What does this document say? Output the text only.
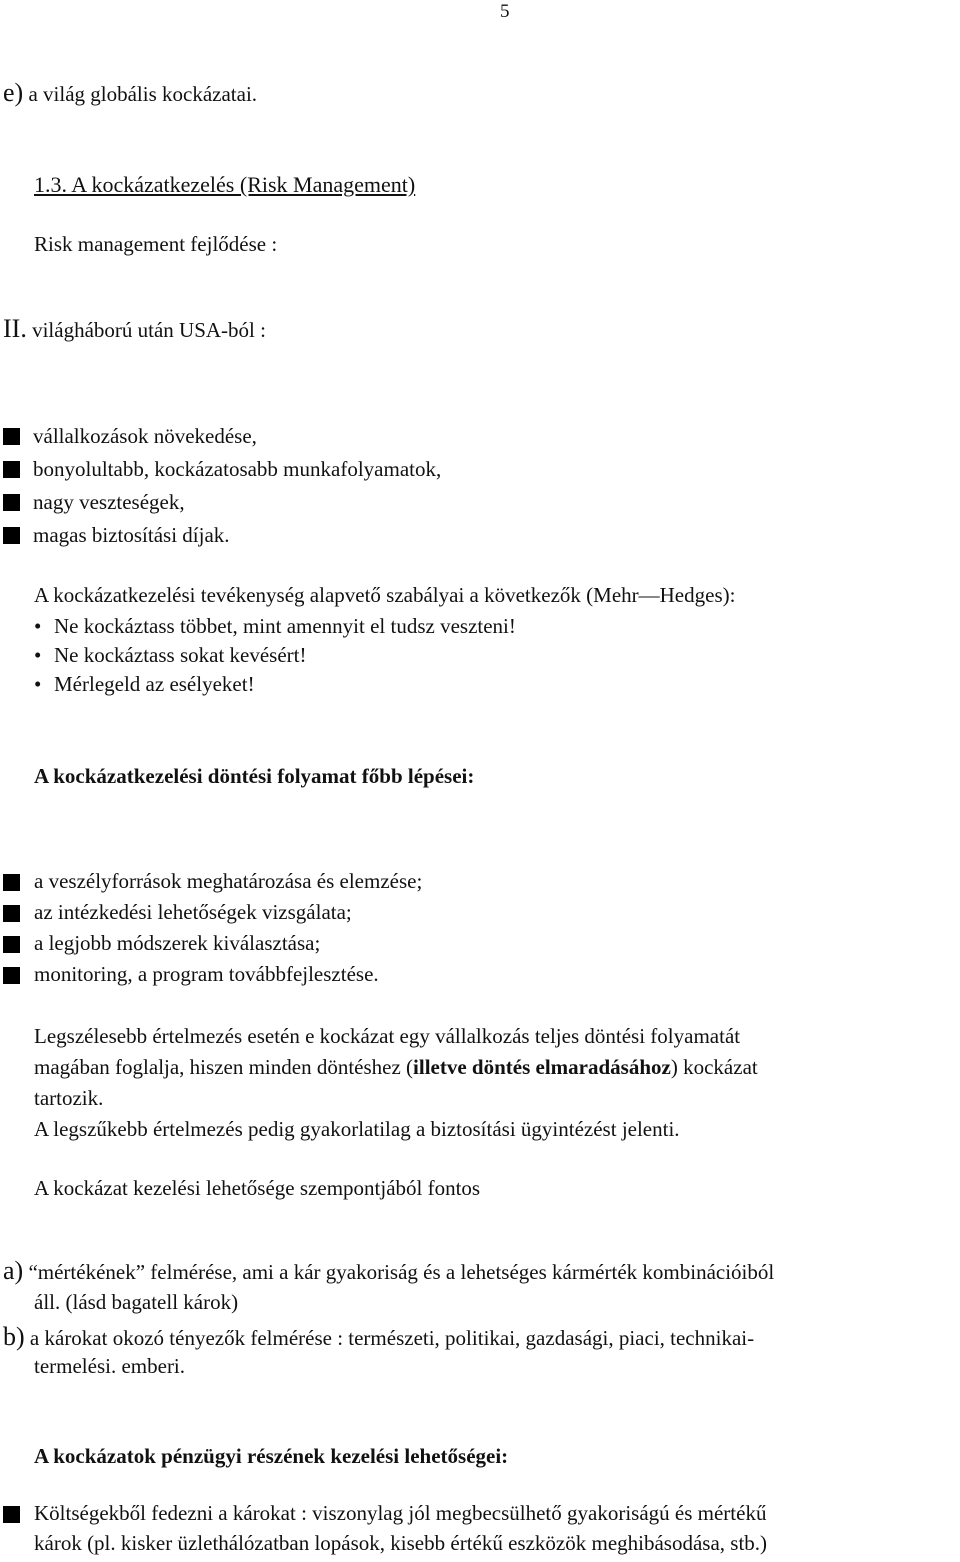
5
e) a világ globális kockázatai.
1.3. A kockázatkezelés (Risk Management)
Risk management fejlődése :
II. világháború után USA-ból :
vállalkozások növekedése,
bonyolultabb, kockázatosabb munkafolyamatok,
nagy veszteségek,
magas biztosítási díjak.
A kockázatkezelési tevékenység alapvető szabályai a következők (Mehr—Hedges):
• Ne kockáztass többet, mint amennyit el tudsz veszteni!
• Ne kockáztass sokat kevésért!
• Mérlegeld az esélyeket!
A kockázatkezelési döntési folyamat főbb lépései:
a veszélyforrások meghatározása és elemzése;
az intézkedési lehetőségek vizsgálata;
a legjobb módszerek kiválasztása;
monitoring, a program továbbfejlesztése.
Legszélesebb értelmezés esetén e kockázat egy vállalkozás teljes döntési folyamatát
magában foglalja, hiszen minden döntéshez (illetve döntés elmaradásához) kockázat
tartozik.
A legszűkebb értelmezés pedig gyakorlatilag a biztosítási ügyintézést jelenti.
A kockázat kezelési lehetősége szempontjából fontos
a) “mértékének” felmérése, ami a kár gyakoriság és a lehetséges kármérték kombinációiból
áll. (lásd bagatell károk)
b) a károkat okozó tényezők felmérése : természeti, politikai, gazdasági, piaci, technikai-
termelési. emberi.
A kockázatok pénzügyi részének kezelési lehetőségei:
Költségekből fedezni a károkat : viszonylag jól megbecsülhető gyakoriságú és mértékű
károk (pl. kisker üzlethálózatban lopások, kisebb értékű eszközök meghibásodása, stb.)
